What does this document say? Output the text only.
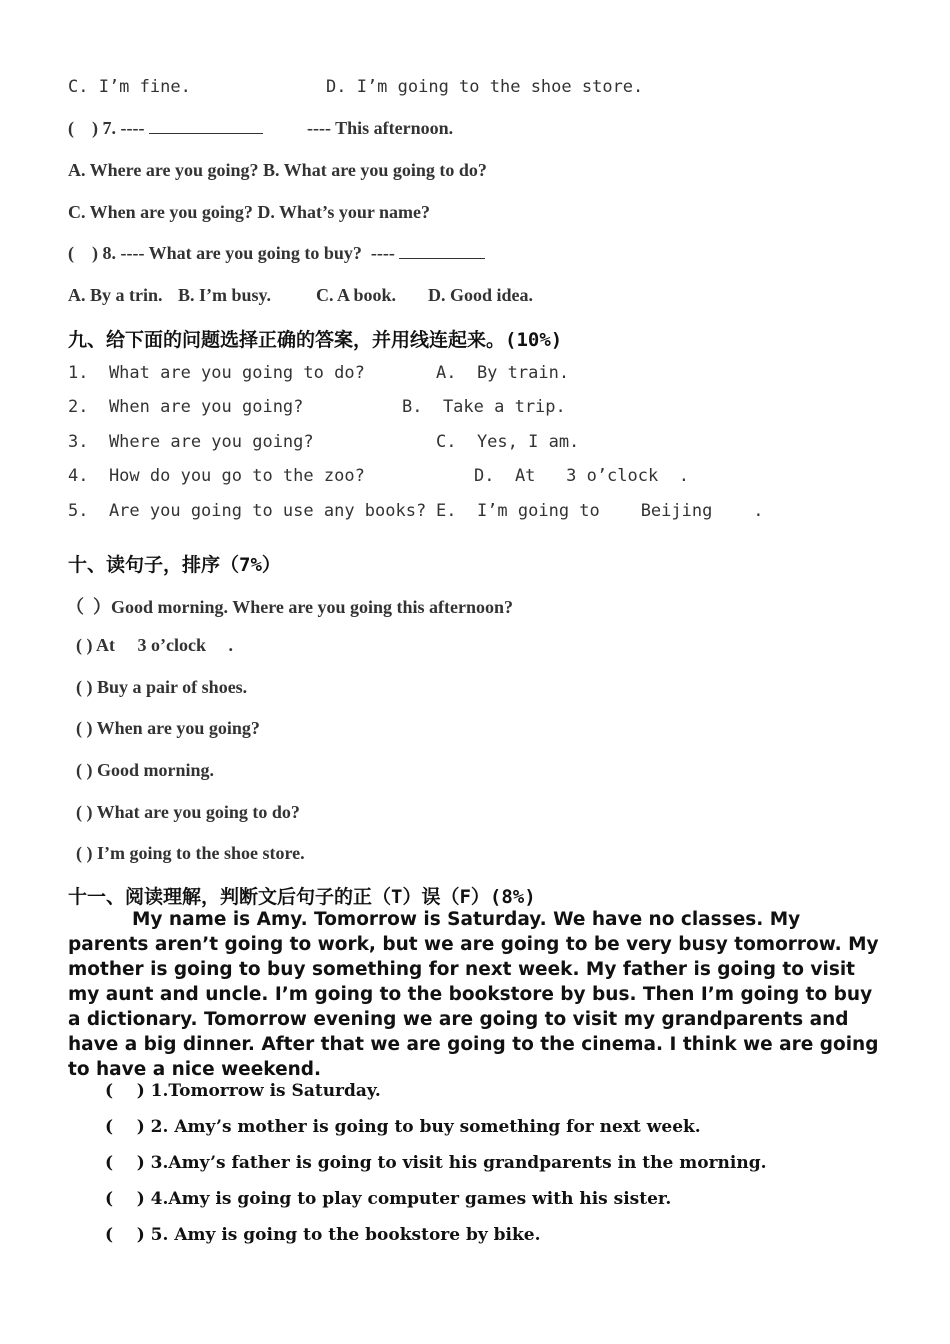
C. I’m fine.	D. I’m going to the shoe store.
(    ) 7. ----	---- This afternoon.
A. Where are you going? B. What are you going to do?
C. When are you going? D. What’s your name?
(    ) 8. ---- What are you going to buy?  ----
A. By a trin. B. I’m busy. C. A book. D. Good idea.
九、给下面的问题选择正确的答案，并用线连起来。(10%)
1.  What are you going to do?	A.  By train.
2.  When are you going?	B.  Take a trip.
3.  Where are you going?	C.  Yes, I am.
4.  How do you go to the zoo?	D.  At   3 o’clock  .
5.  Are you going to use any books? E.  I’m going to    Beijing    .
十、读句子，排序（7%）
（  ）Good morning. Where are you going this afternoon?
( ) At     3 o’clock     .
( ) Buy a pair of shoes.
( ) When are you going?
( ) Good morning.
( ) What are you going to do?
( ) I’m going to the shoe store.
十一、阅读理解，判断文后句子的正（T）误（F）(8%)
My name is Amy. Tomorrow is Saturday. We have no classes. My parents aren’t going to work, but we are going to be very busy tomorrow. My mother is going to buy something for next week. My father is going to visit my aunt and uncle. I’m going to the bookstore by bus. Then I’m going to buy a dictionary. Tomorrow evening we are going to visit my grandparents and have a big dinner. After that we are going to the cinema. I think we are going to have a nice weekend.
(    ) 1.Tomorrow is Saturday.
(    ) 2. Amy’s mother is going to buy something for next week.
(    ) 3.Amy’s father is going to visit his grandparents in the morning.
(    ) 4.Amy is going to play computer games with his sister.
(    ) 5. Amy is going to the bookstore by bike.
